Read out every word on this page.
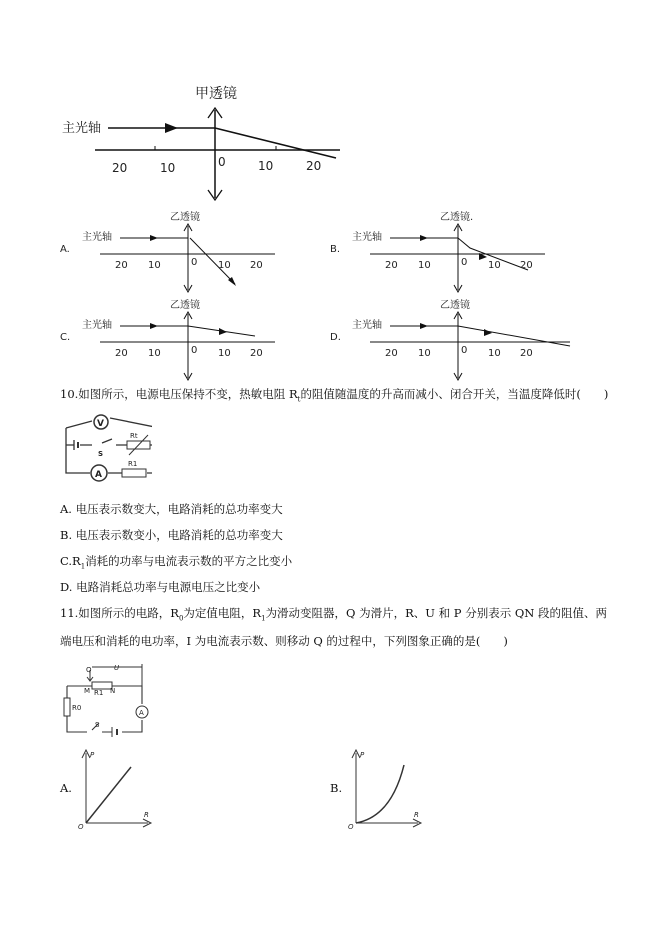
甲透镜
主光轴
20	10	0	10	20
A.
乙透镜
主光轴
20 10	0 10 20
B.
乙透镜.
主光轴
20 10	0 10 20
C.
乙透镜
主光轴
20 10	0 10 20
D.
乙透镜
主光轴
20 10	0 10 20
10.如图所示，电源电压保持不变，热敏电阻 $R_t$的阻值随温度的升高而减小、闭合开关，当温度降低时(　　)
V
A
S
Rt
R1
A. 电压表示数变大，电路消耗的总功率变大
B. 电压表示数变小，电路消耗的总功率变大
$C.R_1$消耗的功率与电流表示数的平方之比变小
D. 电路消耗总功率与电源电压之比变小
11.如图所示的电路，$R_0$为定值电阻，$R_1$为滑动变阻器，Q 为滑片，R、U 和 P 分别表示 QN 段的阻值、两
端电压和消耗的电功率，I 为电流表示数、则移动 Q 的过程中，下列图象正确的是(　　)
Q	U
M R1 N
R0
S
A
A.
P
R
O
B.
P
R
O
